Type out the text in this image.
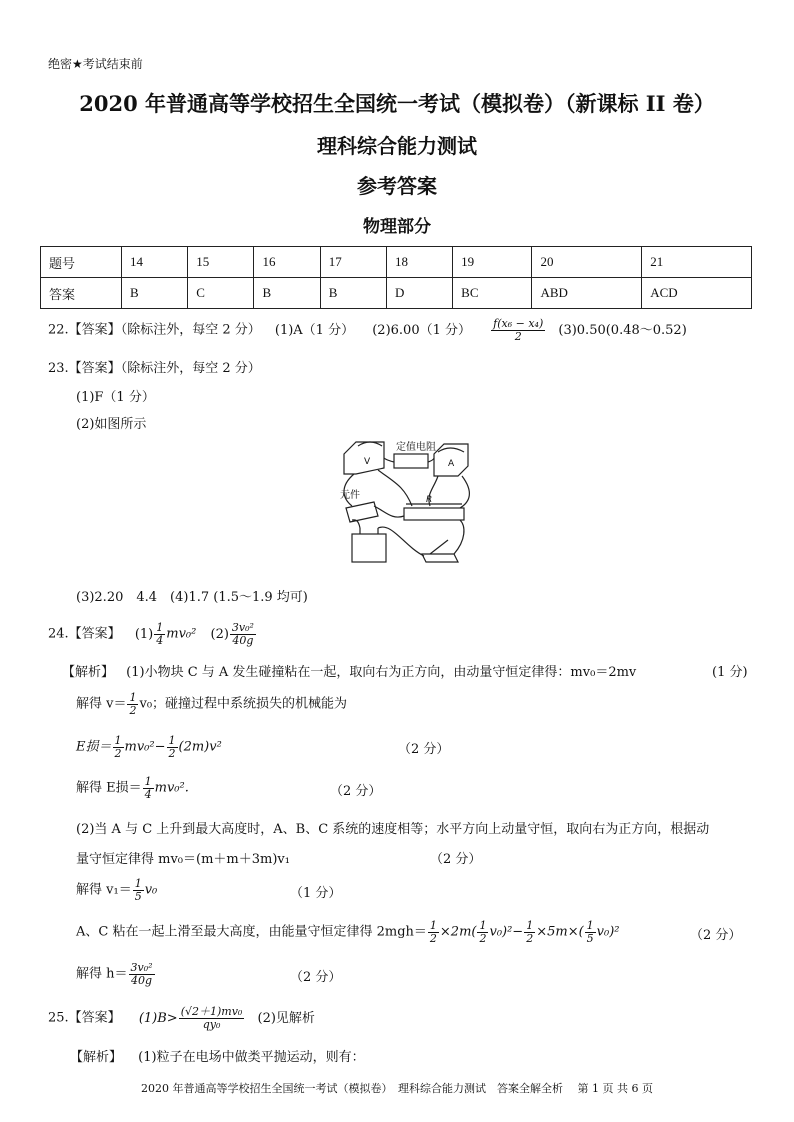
绝密★考试结束前
2020 年普通高等学校招生全国统一考试（模拟卷）（新课标 II 卷）
理科综合能力测试
参考答案
物理部分
题号	14	15	16	17	18	19	20	21
答案	B	C	B	B	D	BC	ABD	ACD
22.【答案】（除标注外，每空 2 分） (1)A（1 分） (2)6.00（1 分） $\frac{\text{f(x₆ − x₄)}}{2}$ (3)0.50(0.48～0.52)
23.【答案】（除标注外，每空 2 分）
(1)F（1 分）
(2)如图所示
定值电阻
元件	R
V	A
(3)2.20　4.4　(4)1.7 (1.5～1.9 均可)
24.【答案】 $(1) \frac{1}{4} mv_0^2$ $(2) \frac{\text{3v₀²}}{40g}$
【解析】 (1)小物块 C 与 A 发生碰撞粘在一起，取向右为正方向，由动量守恒定律得：mv₀＝2mv	(1 分)
解得 $v= \frac{1}{2} v_0$；碰撞过程中系统损失的机械能为
E损＝ $\frac{1}{2} mv_0^2- \frac{1}{2} (2m)v^2$	（2 分）
解得 E损＝ $\frac{1}{4} mv_0^2$.	（2 分）
(2)当 A 与 C 上升到最大高度时，A、B、C 系统的速度相等；水平方向上动量守恒，取向右为正方向，根据动
量守恒定律得 mv₀＝(m＋m＋3m)v₁	（2 分）
解得 $v_1= \frac{1}{5} v_0$	（1 分）
A、C 粘在一起上滑至最大高度，由能量守恒定律得 $2mgh= \frac{1}{2} \times 2m( \frac{1}{2} v_0)^2- \frac{1}{2} \times 5m\times( \frac{1}{5} v_0)^2$	（2 分）
解得 $h= \frac{\text{3v₀²}}{40g}$	（2 分）
25.【答案】 $(1)B> \frac{\text{(√2＋1)mv₀}}{\text{qy₀}} (2)$见解析
【解析】 (1)粒子在电场中做类平抛运动，则有：
2020 年普通高等学校招生全国统一考试（模拟卷）　理科综合能力测试　答案全解全析　 第 1 页 共 6 页
